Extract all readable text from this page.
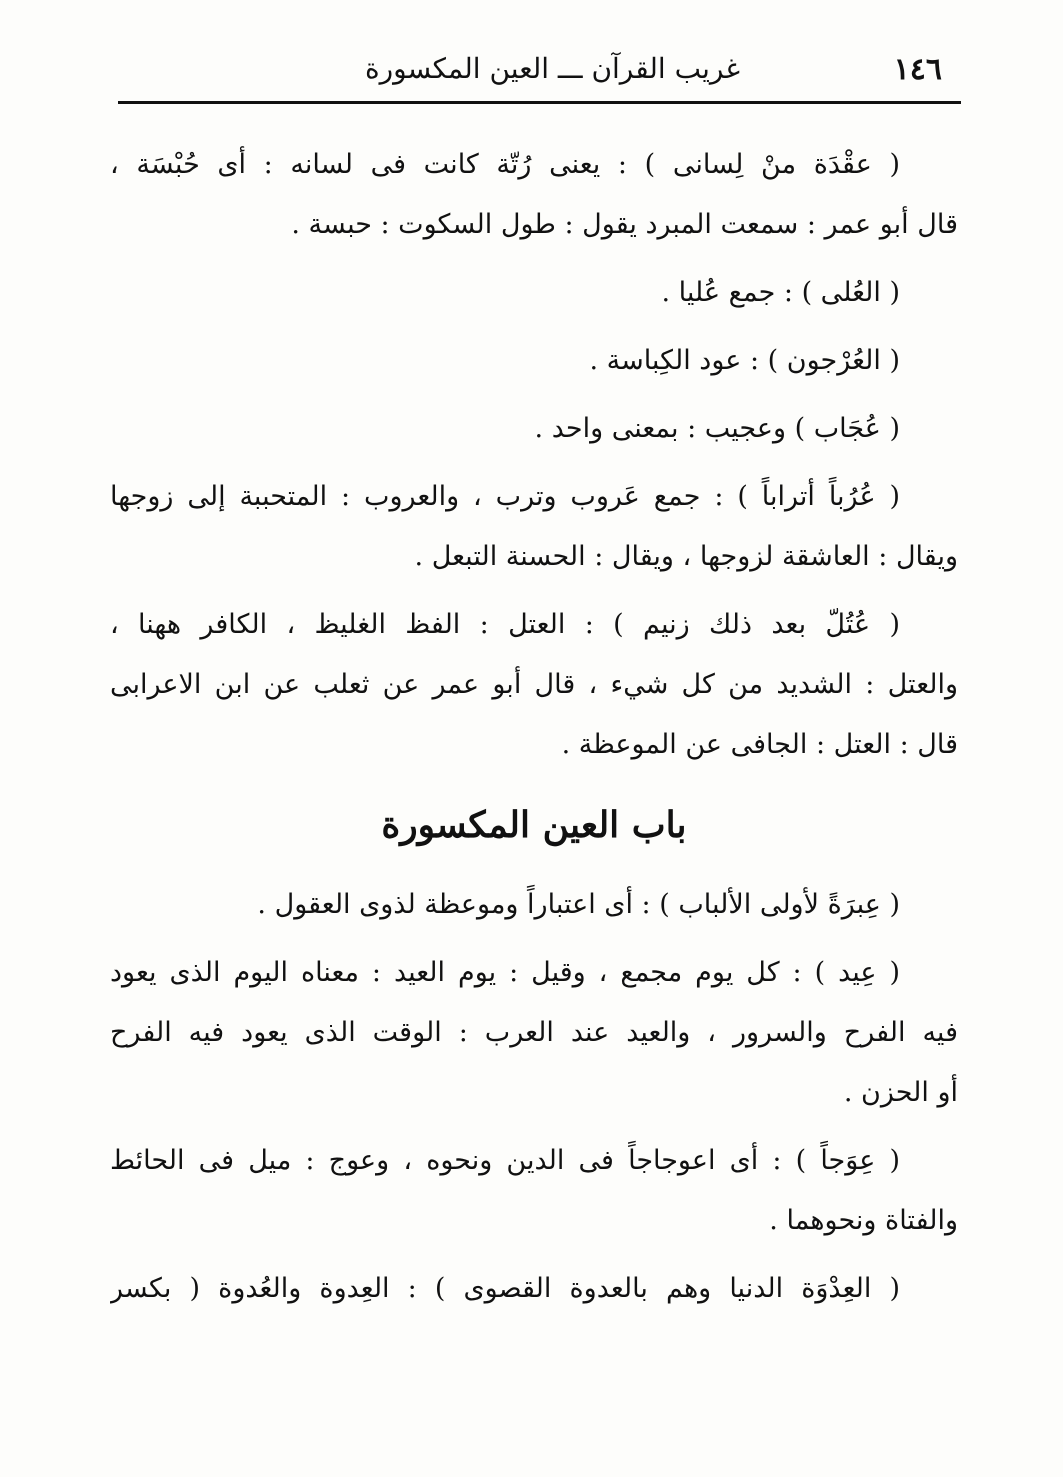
١٤٦
غريب القرآن ـــ العين المكسورة
( عقْدَة منْ لِسانى ) : يعنى رُتّة كانت فى لسانه : أى حُبْسَة ،
قال أبو عمر : سمعت المبرد يقول : طول السكوت : حبسة .
( العُلى ) : جمع عُليا .
( العُرْجون ) : عود الكِباسة .
( عُجَاب ) وعجيب : بمعنى واحد .
( عُرُباً أتراباً ) : جمع عَروب وترب ، والعروب : المتحببة إلى زوجها
ويقال : العاشقة لزوجها ، ويقال : الحسنة التبعل .
( عُتُلّ بعد ذلك زنيم ) : العتل : الفظ الغليظ ، الكافر ههنا ،
والعتل : الشديد من كل شيء ، قال أبو عمر عن ثعلب عن ابن الاعرابى
قال : العتل : الجافى عن الموعظة .
باب العين المكسورة
( عِبرَةً لأولى الألباب ) : أى اعتباراً وموعظة لذوى العقول .
( عِيد ) : كل يوم مجمع ، وقيل : يوم العيد : معناه اليوم الذى يعود
فيه الفرح والسرور ، والعيد عند العرب : الوقت الذى يعود فيه الفرح
أو الحزن .
( عِوَجاً ) : أى اعوجاجاً فى الدين ونحوه ، وعوج : ميل فى الحائط
والفتاة ونحوهما .
( العِدْوَة الدنيا وهم بالعدوة القصوى ) : العِدوة والعُدوة ( بكسر
